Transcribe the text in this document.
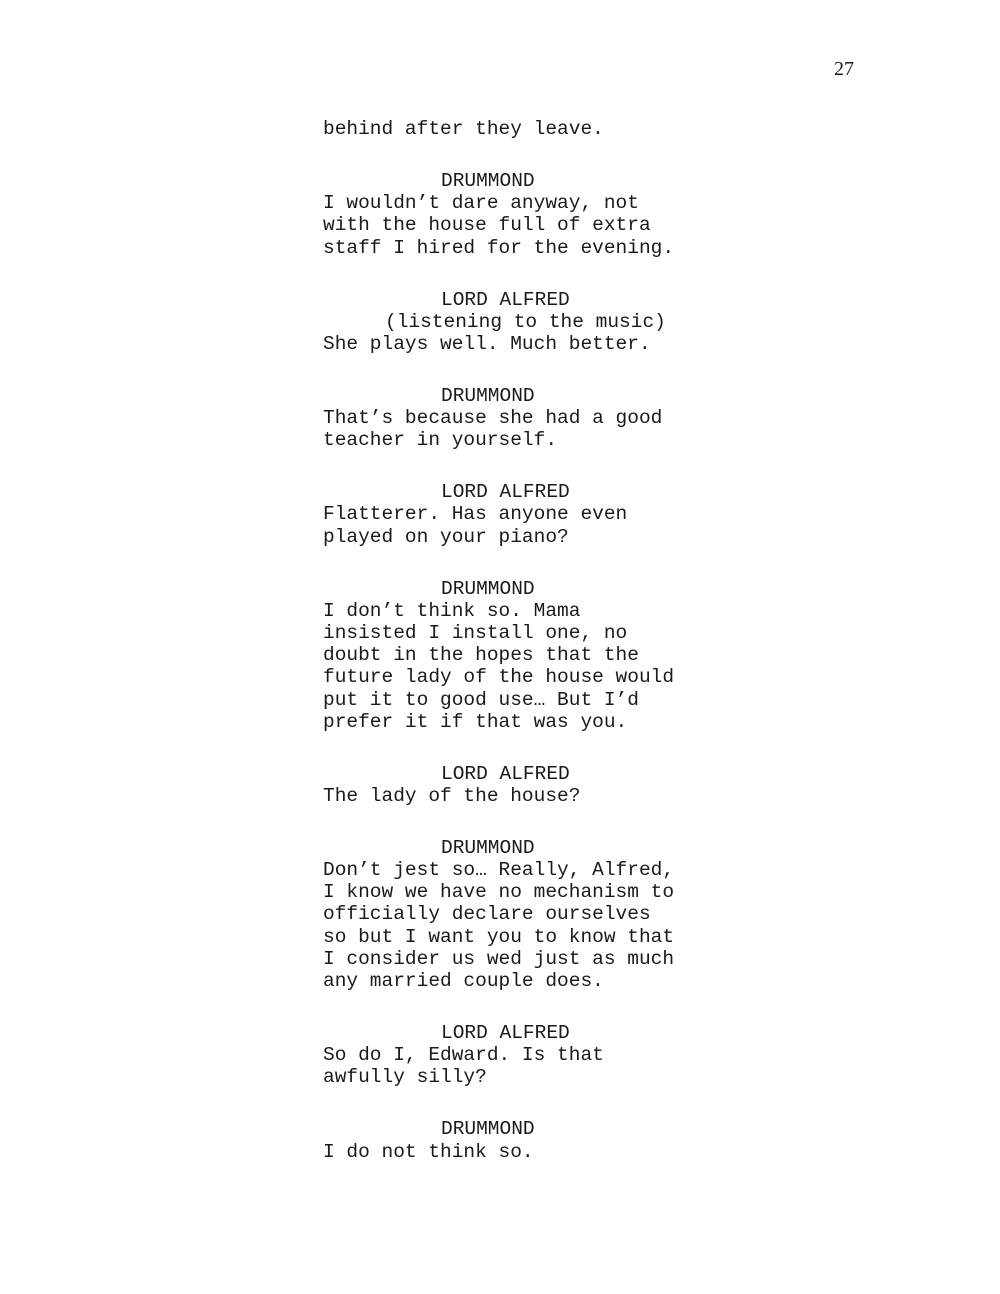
27
behind after they leave.
DRUMMOND
I wouldn’t dare anyway, not
with the house full of extra
staff I hired for the evening.
LORD ALFRED
(listening to the music)
She plays well. Much better.
DRUMMOND
That’s because she had a good
teacher in yourself.
LORD ALFRED
Flatterer. Has anyone even
played on your piano?
DRUMMOND
I don’t think so. Mama
insisted I install one, no
doubt in the hopes that the
future lady of the house would
put it to good use… But I’d
prefer it if that was you.
LORD ALFRED
The lady of the house?
DRUMMOND
Don’t jest so… Really, Alfred,
I know we have no mechanism to
officially declare ourselves
so but I want you to know that
I consider us wed just as much
any married couple does.
LORD ALFRED
So do I, Edward. Is that
awfully silly?
DRUMMOND
I do not think so.
